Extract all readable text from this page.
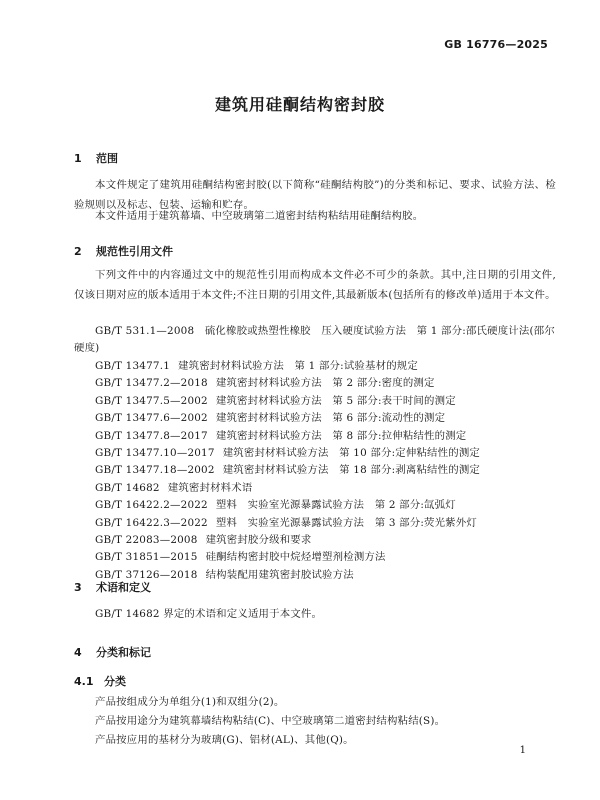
GB 16776—2025
建筑用硅酮结构密封胶
1 范围
本文件规定了建筑用硅酮结构密封胶(以下简称“硅酮结构胶”)的分类和标记、要求、试验方法、检验规则以及标志、包装、运输和贮存。
本文件适用于建筑幕墙、中空玻璃第二道密封结构粘结用硅酮结构胶。
2 规范性引用文件
下列文件中的内容通过文中的规范性引用而构成本文件必不可少的条款。其中,注日期的引用文件,仅该日期对应的版本适用于本文件;不注日期的引用文件,其最新版本(包括所有的修改单)适用于本文件。
GB/T 531.1—2008　硫化橡胶或热塑性橡胶　压入硬度试验方法　第 1 部分:邵氏硬度计法(邵尔硬度)
GB/T 13477.1 建筑密封材料试验方法　第 1 部分:试验基材的规定
GB/T 13477.2—2018 建筑密封材料试验方法　第 2 部分:密度的测定
GB/T 13477.5—2002 建筑密封材料试验方法　第 5 部分:表干时间的测定
GB/T 13477.6—2002 建筑密封材料试验方法　第 6 部分:流动性的测定
GB/T 13477.8—2017 建筑密封材料试验方法　第 8 部分:拉伸粘结性的测定
GB/T 13477.10—2017 建筑密封材料试验方法　第 10 部分:定伸粘结性的测定
GB/T 13477.18—2002 建筑密封材料试验方法　第 18 部分:剥离粘结性的测定
GB/T 14682 建筑密封材料术语
GB/T 16422.2—2022 塑料　实验室光源暴露试验方法　第 2 部分:氙弧灯
GB/T 16422.3—2022 塑料　实验室光源暴露试验方法　第 3 部分:荧光紫外灯
GB/T 22083—2008 建筑密封胶分级和要求
GB/T 31851—2015 硅酮结构密封胶中烷烃增塑剂检测方法
GB/T 37126—2018 结构装配用建筑密封胶试验方法
3 术语和定义
GB/T 14682 界定的术语和定义适用于本文件。
4 分类和标记
4.1 分类
产品按组成分为单组分(1)和双组分(2)。
产品按用途分为建筑幕墙结构粘结(C)、中空玻璃第二道密封结构粘结(S)。
产品按应用的基材分为玻璃(G)、铝材(AL)、其他(Q)。
1
